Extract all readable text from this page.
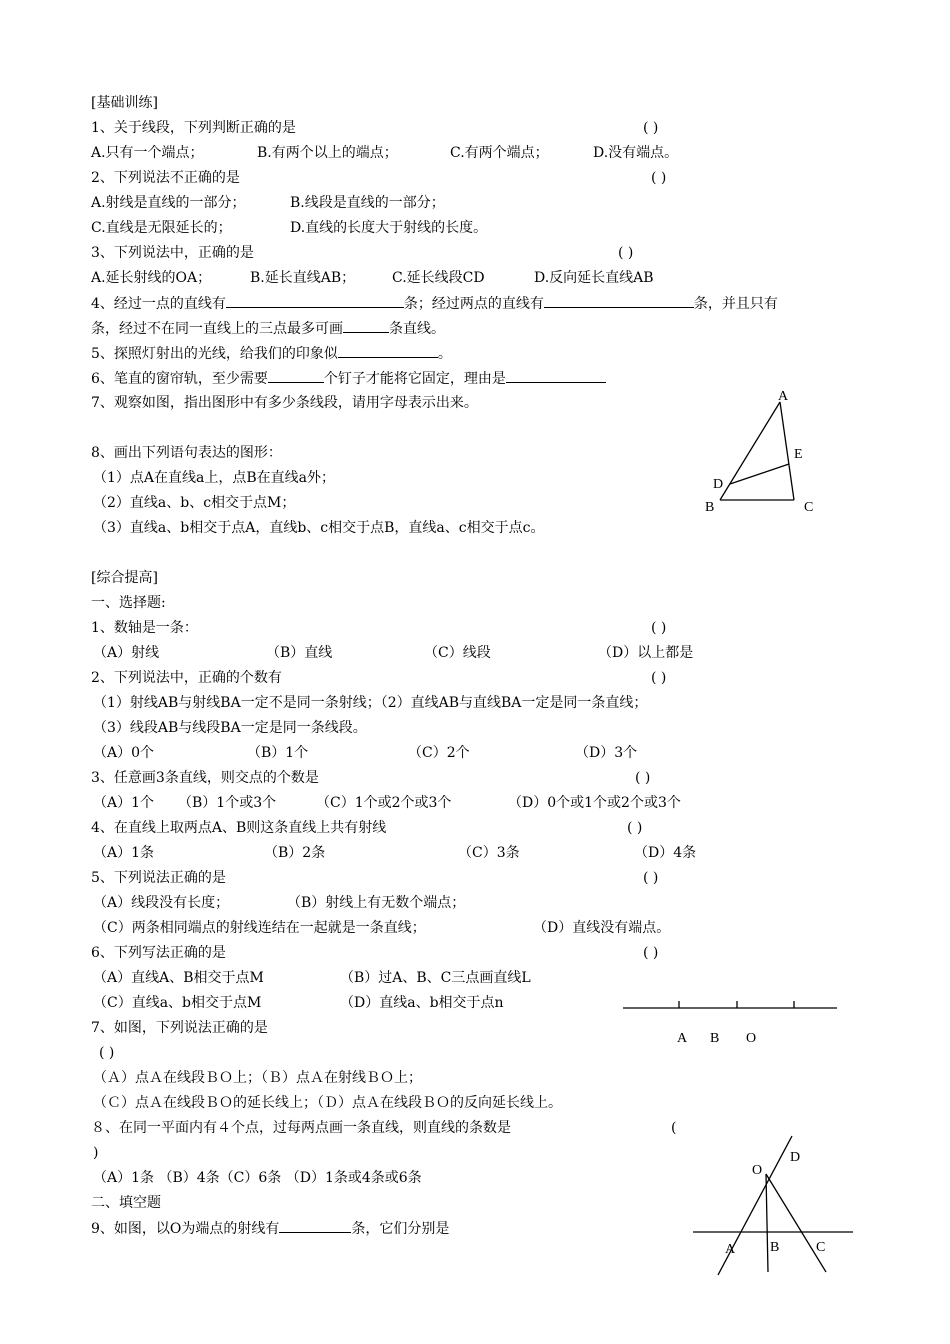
[基础训练]
1、关于线段，下列判断正确的是	( )
A.只有一个端点；	B.有两个以上的端点；	C.有两个端点；	D.没有端点。
2、下列说法不正确的是	( )
A.射线是直线的一部分；	B.线段是直线的一部分；
C.直线是无限延长的；	D.直线的长度大于射线的长度。
3、下列说法中，正确的是	( )
A.延长射线的OA；	B.延长直线AB；	C.延长线段CD	D.反向延长直线AB
4、经过一点的直线有	条；经过两点的直线有	条，并且只有
条，经过不在同一直线上的三点最多可画	条直线。
5、探照灯射出的光线，给我们的印象似	。
6、笔直的窗帘轨，至少需要	个钉子才能将它固定，理由是
7、观察如图，指出图形中有多少条线段，请用字母表示出来。
8、画出下列语句表达的图形：
（1）点A在直线a上，点B在直线a外；
（2）直线a、b、c相交于点M；
（3）直线a、b相交于点A，直线b、c相交于点B，直线a、c相交于点c。
A
E
D
B	C
[综合提高]
一、选择题:
1、数轴是一条：	( )
（A）射线	（B）直线	（C）线段	（D）以上都是
2、下列说法中，正确的个数有	( )
（1）射线AB与射线BA一定不是同一条射线；（2）直线AB与直线BA一定是同一条直线；
（3）线段AB与线段BA一定是同一条线段。
（A）0个	（B）1个	（C）2个	（D）3个
3、任意画3条直线，则交点的个数是	( )
（A）1个 （B）1个或3个	（C）1个或2个或3个	（D）0个或1个或2个或3个
4、在直线上取两点A、B则这条直线上共有射线	( )
（A）1条	（B）2条	（C）3条	（D）4条
5、下列说法正确的是	( )
（A）线段没有长度；	（B）射线上有无数个端点；
（C）两条相同端点的射线连结在一起就是一条直线；	（D）直线没有端点。
6、下列写法正确的是	( )
（A）直线A、B相交于点M	（B）过A、B、C三点画直线L
（C）直线a、b相交于点M	（D）直线a、b相交于点n
A B O
7、如图，下列说法正确的是
( )
（Ａ）点Ａ在线段ＢＯ上；（Ｂ）点Ａ在射线ＢＯ上；
（Ｃ）点Ａ在线段ＢＯ的延长线上；（Ｄ）点Ａ在线段ＢＯ的反向延长线上。
８、在同一平面内有４个点，过每两点画一条直线，则直线的条数是	(
)
（A）1条 （B）4条（C）6条 （D）1条或4条或6条
二、填空题
9、如图，以O为端点的射线有	条，它们分别是
O
D
A B	C
